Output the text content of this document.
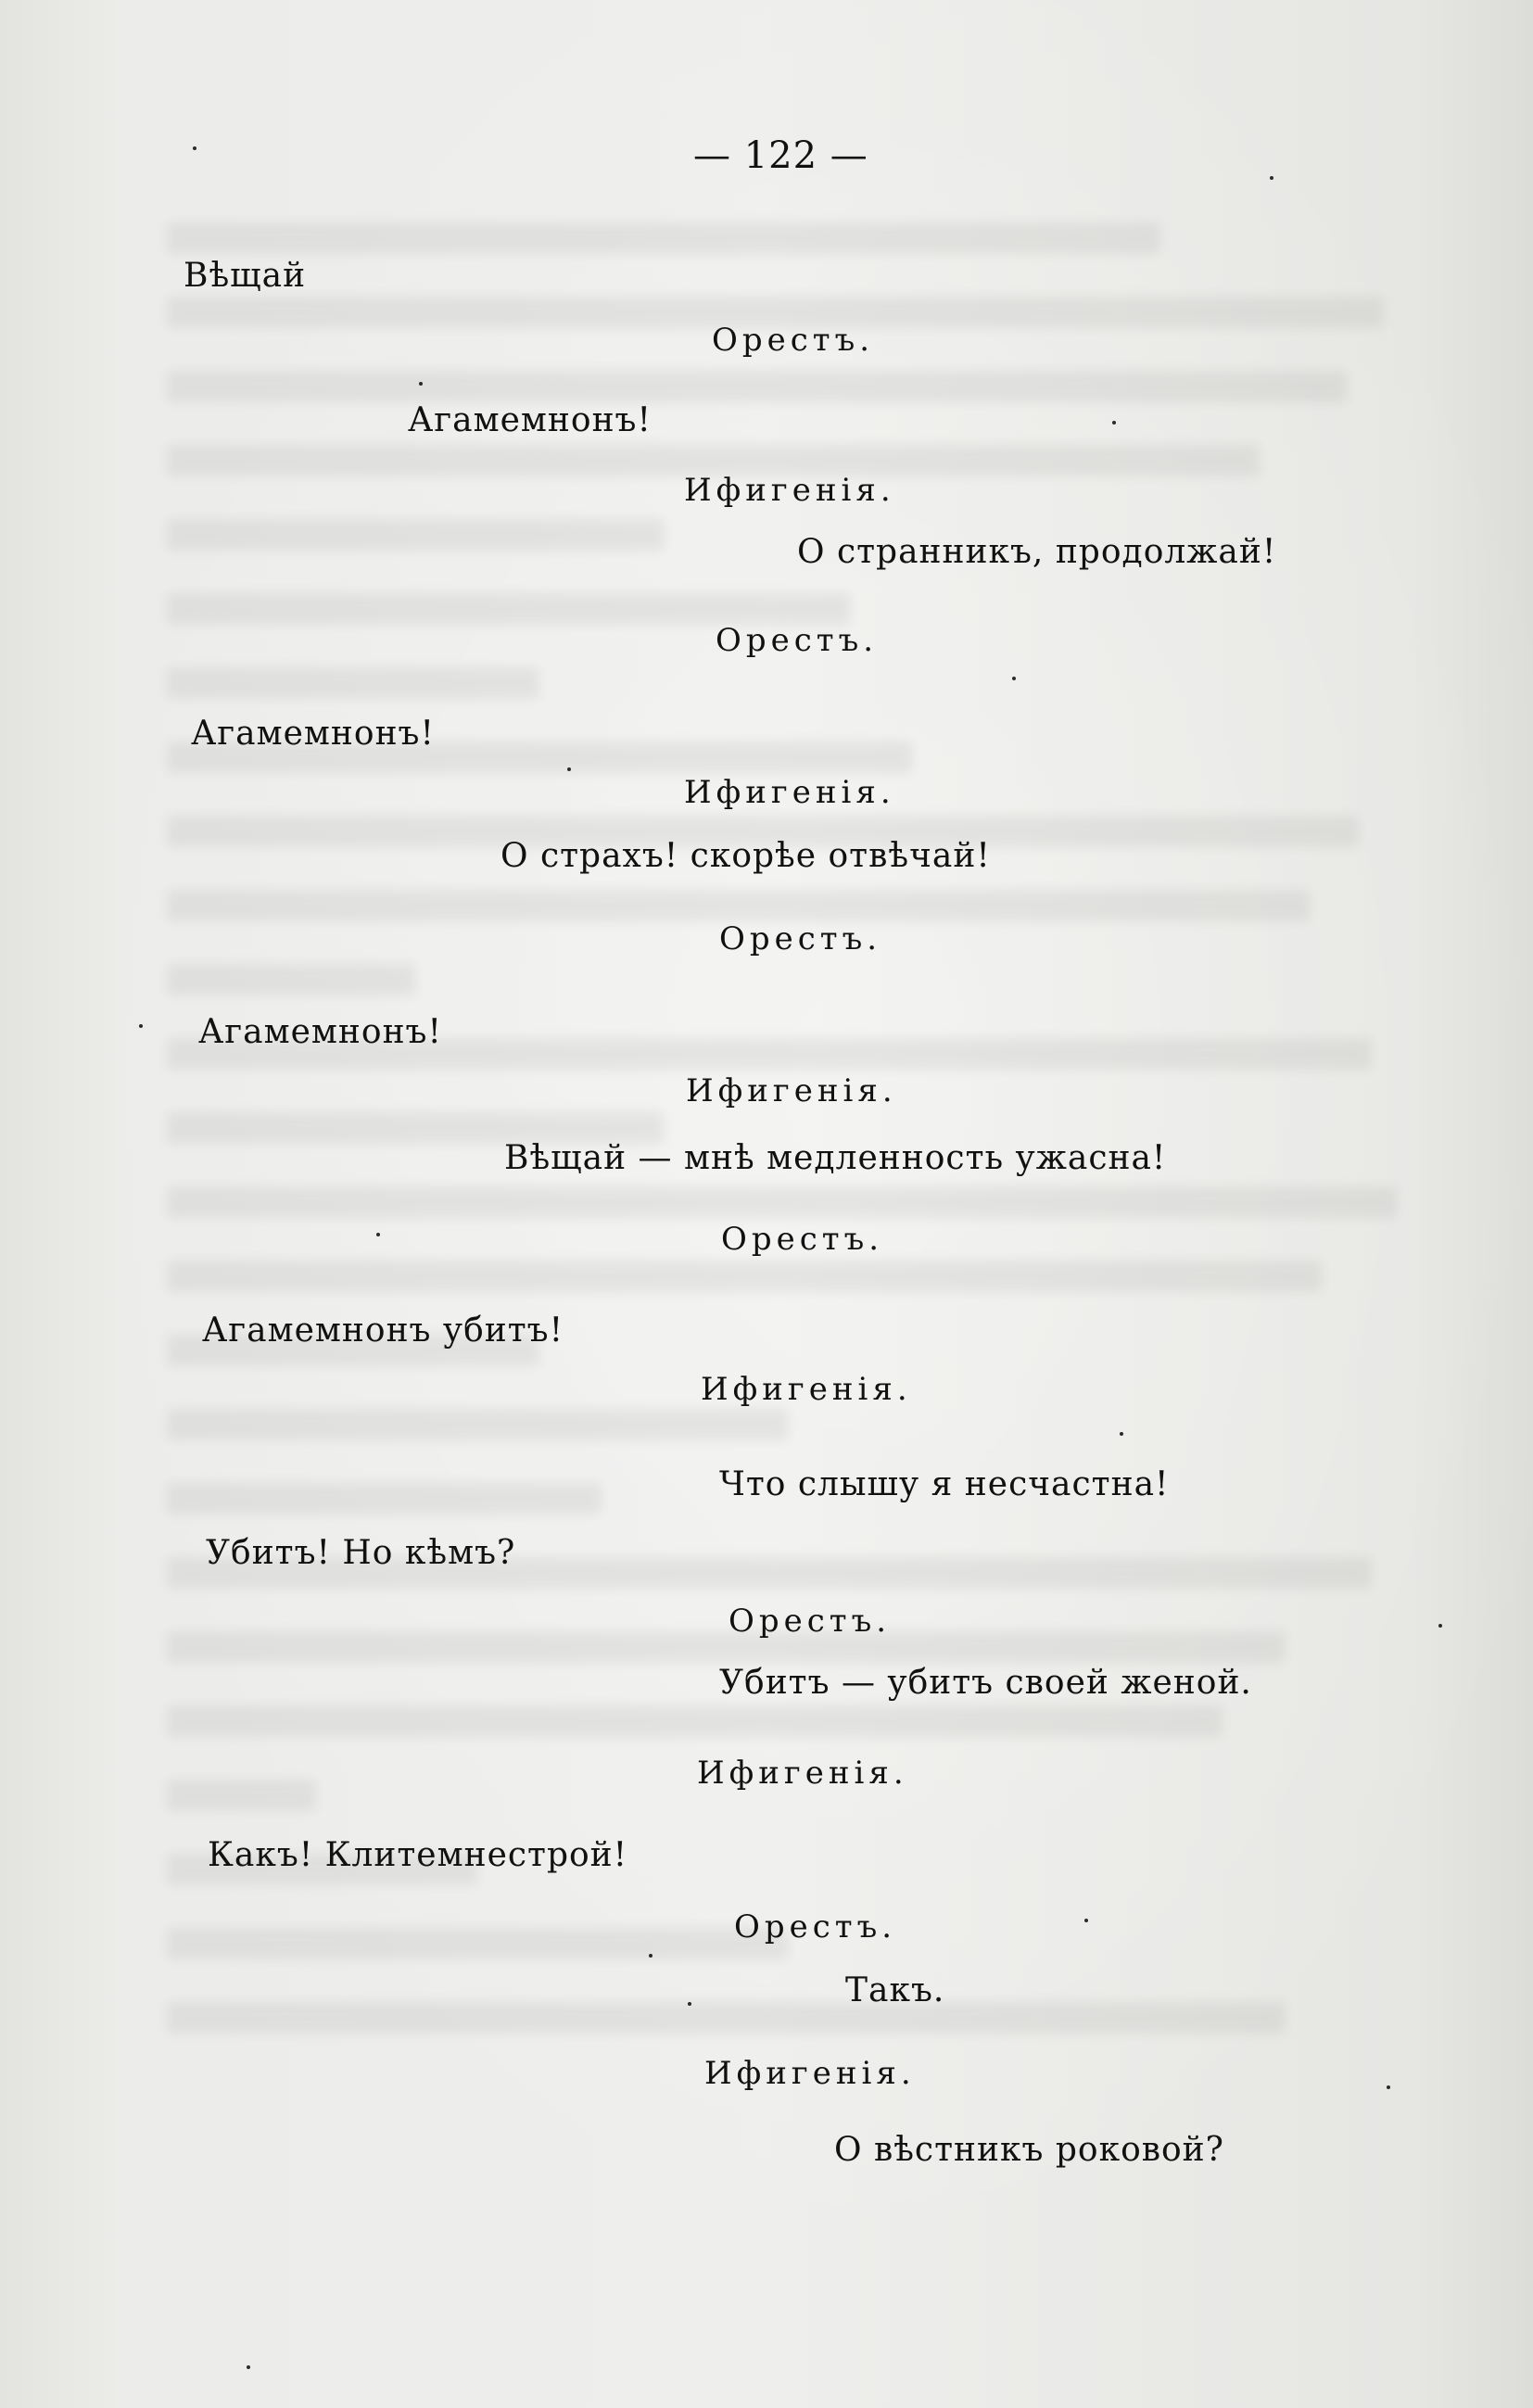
— 122 —
Вѣщай
Орестъ.
Агамемнонъ!
Ифигенія.
О странникъ, продолжай!
Орестъ.
Агамемнонъ!
Ифигенія.
О страхъ! скорѣе отвѣчай!
Орестъ.
Агамемнонъ!
Ифигенія.
Вѣщай — мнѣ медленность ужасна!
Орестъ.
Агамемнонъ убитъ!
Ифигенія.
Что слышу я несчастна!
Убитъ! Но кѣмъ?
Орестъ.
Убитъ — убитъ своей женой.
Ифигенія.
Какъ! Клитемнестрой!
Орестъ.
Такъ.
Ифигенія.
О вѣстникъ роковой?
